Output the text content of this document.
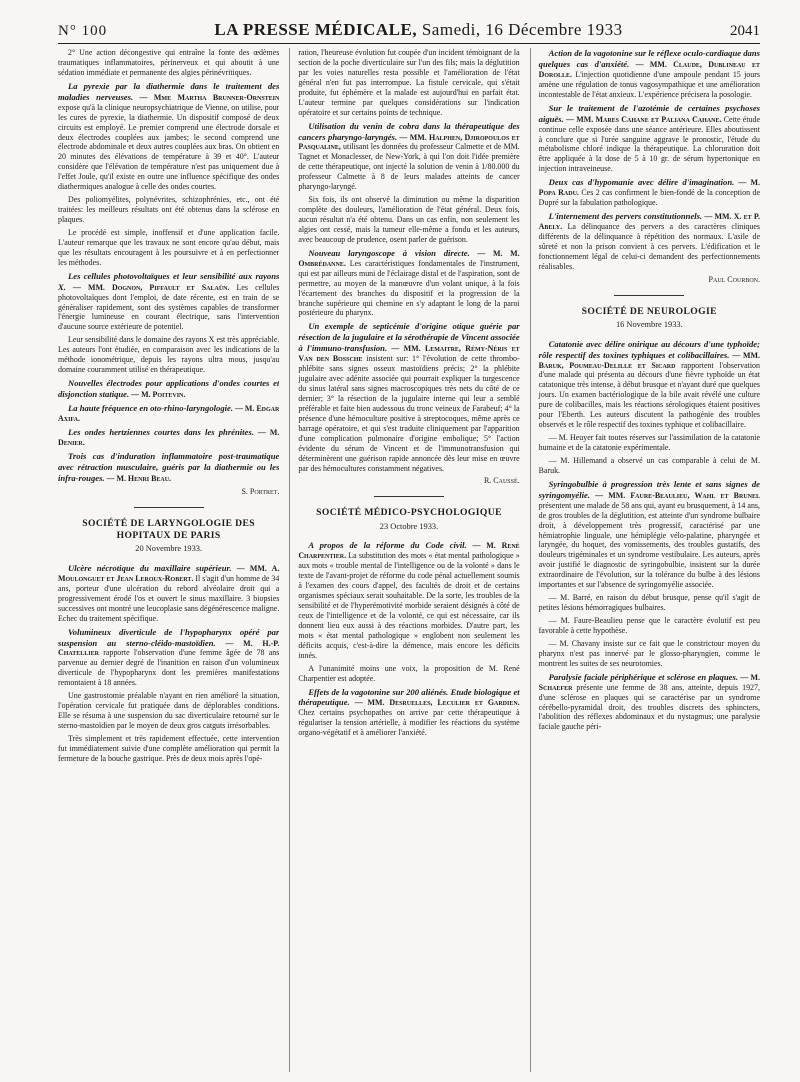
N° 100	LA PRESSE MÉDICALE, Samedi, 16 Décembre 1933	2041

2° Une action décongestive qui entraîne la fonte des œdèmes traumatiques inflammatoires, périnerveux et qui aboutit à une sédation immédiate et permanente des algies périnévritiques.

La pyrexie par la diathermie dans le traitement des maladies nerveuses. — Mme Martha Brunner-Ornstein expose qu'à la clinique neuropsychiatrique de Vienne, on utilise, pour les cures de pyrexie, la diathermie. Un dispositif composé de deux circuits est employé. Le premier comprend une électrode dorsale et deux électrodes couplées aux jambes; le second comprend une électrode abdominale et deux autres couplées aux bras. On obtient en 20 minutes des élévations de température à 39 et 40°. L'auteur considère que l'élévation de température n'est pas uniquement due à l'effet Joule, qu'il existe en outre une influence spécifique des ondes diathermiques analogue à celle des ondes courtes.

Des poliomyélites, polynévrites, schizophrénies, etc., ont été traitées: les meilleurs résultats ont été obtenus dans la sclérose en plaques.

Le procédé est simple, inoffensif et d'une application facile. L'auteur remarque que les travaux ne sont encore qu'au début, mais que les résultats encouragent à les poursuivre et à en perfectionner les méthodes.

Les cellules photovoltaïques et leur sensibilité aux rayons X. — MM. Dognon, Piffault et Salaün. Les cellules photovoltaïques dont l'emploi, de date récente, est en train de se généraliser rapidement, sont des systèmes capables de transformer l'énergie lumineuse en courant électrique, sans l'intervention d'aucune source extérieure de potentiel.

Leur sensibilité dans le domaine des rayons X est très appréciable. Les auteurs l'ont étudiée, en comparaison avec les indications de la méthode ionométrique, depuis les rayons ultra mous, jusqu'au domaine couramment utilisé en thérapeutique.

Nouvelles électrodes pour applications d'ondes courtes et disjonction statique. — M. Poitevin.

La haute fréquence en oto-rhino-laryngologie. — M. Edgar Axifa.

Les ondes hertziennes courtes dans les phrénites. — M. Denier.

Trois cas d'induration inflammatoire post-traumatique avec rétraction musculaire, guéris par la diathermie ou les infra-rouges. — M. Henri Beau.

S. Portret.

SOCIÉTÉ DE LARYNGOLOGIE DES HOPITAUX DE PARIS
20 Novembre 1933.

Ulcère nécrotique du maxillaire supérieur. — MM. A. Moulonguet et Jean Leroux-Robert. Il s'agit d'un homme de 34 ans, porteur d'une ulcération du rebord alvéolaire droit qui a progressivement érodé l'os et ouvert le sinus maxillaire. 3 biopsies successives ont montré une leucoplasie sans dégénérescence maligne. Echec du traitement spécifique.

Volumineux diverticule de l'hypopharynx opéré par suspension au sterno-cléido-mastoïdien. — M. H.-P. Chatellier rapporte l'observation d'une femme âgée de 78 ans parvenue au dernier degré de l'inanition en raison d'un volumineux diverticule de l'hypopharynx dont les premières manifestations remontaient à 18 années.

Une gastrostomie préalable n'ayant en rien amélioré la situation, l'opération cervicale fut pratiquée dans de déplorables conditions. Elle se résuma à une suspension du sac diverticulaire retourné sur le sterno-mastoïdien par le moyen de deux gros catguts irrésorbables.

Très simplement et très rapidement effectuée, cette intervention fut immédiatement suivie d'une complète amélioration qui permit la fermeture de la bouche gastrique. Près de deux mois après l'opé-

ration, l'heureuse évolution fut coupée d'un incident témoignant de la section de la poche diverticulaire sur l'un des fils; mais la déglutition par les voies naturelles resta possible et l'amélioration de l'état général n'en fut pas interrompue. La fistule cervicale, qui s'était produite, fut éphémère et la malade est aujourd'hui en parfait état. L'auteur termine par quelques considérations sur l'indication opératoire et sur certains points de technique.

Utilisation du venin de cobra dans la thérapeutique des cancers pharyngo-laryngés. — MM. Halphen, Djiropoulos et Pasqualine, utilisant les données du professeur Calmette et de MM. Tagnet et Monaclesser, de New-York, à qui l'on doit l'idée première de cette thérapeutique, ont injecté la solution de venin à 1/80.000 du professeur Calmette à 8 de leurs malades atteints de cancer pharyngo-laryngé.

Six fois, ils ont observé la diminution ou même la disparition complète des douleurs, l'amélioration de l'état général. Deux fois, aucun résultat n'a été obtenu. Dans un cas enfin, non seulement les algies ont cessé, mais la tumeur elle-même a fondu et les auteurs, avec beaucoup de prudence, osent parler de guérison.

Nouveau laryngoscope à vision directe. — M. M. Ombrédanne. Les caractéristiques fondamentales de l'instrument, qui est par ailleurs muni de l'éclairage distal et de l'aspiration, sont de permettre, au moyen de la manœuvre d'un volant unique, à la fois l'écartement des branches du dispositif et la progression de la branche supérieure qui chemine en s'y adaptant le long de la paroi postérieure du pharynx.

Un exemple de septicémie d'origine otique guérie par résection de la jugulaire et la sérothérapie de Vincent associée à l'immuno-transfusion. — MM. Lemaitre, Rémy-Néris et Van den Bossche insistent sur: 1° l'évolution de cette thrombo-phlébite sans signes osseux mastoïdiens précis; 2° la phlébite jugulaire avec adénite associée qui pourrait expliquer la turgescence du sinus latéral sans signes macroscopiques très nets du côté de ce dernier; 3° la résection de la jugulaire interne qui leur a semblé préférable et faite bien audessous du tronc veineux de Farabeuf; 4° la présence d'une hémoculture positive à streptocoques, même après ce barrage opératoire, et qui s'est traduite cliniquement par l'apparition d'une complication pulmonaire d'origine embolique; 5° l'action évidente du sérum de Vincent et de l'immunotransfusion qui déterminèrent une guérison rapide annoncée dès leur mise en œuvre par des hémocultures constamment négatives.

R. Caussé.

SOCIÉTÉ MÉDICO-PSYCHOLOGIQUE
23 Octobre 1933.

A propos de la réforme du Code civil. — M. René Charpentier. La substitution des mots « état mental pathologique » aux mots « trouble mental de l'intelligence ou de la volonté » dans le texte de l'avant-projet de réforme du code pénal actuellement soumis à l'examen des cours d'appel, des facultés de droit et de certains organismes spéciaux serait souhaitable. De la sorte, les troubles de la sensibilité et de l'hyperémotivité morbide seraient désignés à côté de ceux de l'intelligence et de la volonté, ce qui est nécessaire, car ils donnent lieu eux aussi à des réactions morbides. D'autre part, les mots « état mental pathologique » englobent non seulement les déficits acquis, c'est-à-dire la démence, mais encore les déficits innés.

A l'unanimité moins une voix, la proposition de M. René Charpentier est adoptée.

Effets de la vagotonine sur 200 aliénés. Etude biologique et thérapeutique. — MM. Desruelles, Leculier et Gardien. Chez certains psychopathes on arrive par cette thérapeutique à régulariser la tension artérielle, à modifier les réactions du système organo-végétatif et à améliorer l'anxiété.

Action de la vagotonine sur le réflexe oculo-cardiaque dans quelques cas d'anxiété. — MM. Claude, Dublineau et Dorolle. L'injection quotidienne d'une ampoule pendant 15 jours amène une régulation de tonus vagosympathique et une amélioration incontestable de l'état anxieux. L'expérience précisera la posologie.

Sur le traitement de l'azotémie de certaines psychoses aiguës. — MM. Mares Cahane et Paliana Cahane. Cette étude continue celle exposée dans une séance antérieure. Elles aboutissent à conclure que si l'urée sanguine aggrave le pronostic, l'étude du métabolisme chloré indique la thérapeutique. La chloruration doit être appliquée à la dose de 5 à 10 gr. de sérum hypertonique en injection intraveineuse.

Deux cas d'hypomanie avec délire d'imagination. — M. Popa Radu. Ces 2 cas confirment le bien-fondé de la conception de Dupré sur la fabulation pathologique.

L'internement des pervers constitutionnels. — MM. X. et P. Abely. La délinquance des pervers a des caractères cliniques différents de la délinquance à répétition des normaux. L'asile de sûreté et non la prison convient à ces pervers. L'édification et le fonctionnement légal de celui-ci demandent des perfectionnements réalisables.

Paul Courbon.

SOCIÉTÉ DE NEUROLOGIE
16 Novembre 1933.

Catatonie avec délire onirique au décours d'une typhoïde; rôle respectif des toxines typhiques et colibacillaires. — MM. Baruk, Poumeau-Delille et Sicard rapportent l'observation d'une malade qui présenta au décours d'une fièvre typhoïde un état catatonique très intense, à début brusque et n'ayant duré que quelques jours. Un examen bactériologique de la bile avait révélé une culture pure de colibacilles, mais les réactions sérologiques étaient positives pour l'Eberth. Les auteurs discutent la pathogénie des troubles observés et le rôle respectif des toxines typhique et colibacillaire.

— M. Heuyer fait toutes réserves sur l'assimilation de la catatonie humaine et de la catatonie expérimentale.

— M. Hillemand a observé un cas comparable à celui de M. Baruk.

Syringobulbie à progression très lente et sans signes de syringomyélie. — MM. Faure-Beaulieu, Wahl et Brunel présentent une malade de 58 ans qui, ayant eu brusquement, à 14 ans, de gros troubles de la déglutition, est atteinte d'un syndrome bulbaire droit, à développement très progressif, caractérisé par une hémiatrophie linguale, une hémiplégie vélo-palatine, pharyngée et laryngée, du hoquet, des vomissements, des troubles gustatifs, des douleurs trigéminales et un syndrome vestibulaire. Les auteurs, après avoir justifié le diagnostic de syringobulbie, insistent sur la durée extraordinaire de l'évolution, sur la tolérance du bulbe à des lésions importantes et sur l'absence de syringomyélie associée.

— M. Barré, en raison du début brusque, pense qu'il s'agit de petites lésions hémorragiques bulbaires.

— M. Faure-Beaulieu pense que le caractère évolutif est peu favorable à cette hypothèse.

— M. Chavany insiste sur ce fait que le constrictour moyen du pharynx n'est pas innervé par le glosso-pharyngien, comme le montrent les suites de ses neurotomies.

Paralysie faciale périphérique et sclérose en plaques. — M. Schaefer présente une femme de 38 ans, atteinte, depuis 1927, d'une sclérose en plaques qui se caractérise par un syndrome cérébello-pyramidal droit, des troubles discrets des sphincters, l'abolition des réflexes abdominaux et du nystagmus; une paralysie faciale gauche péri-
